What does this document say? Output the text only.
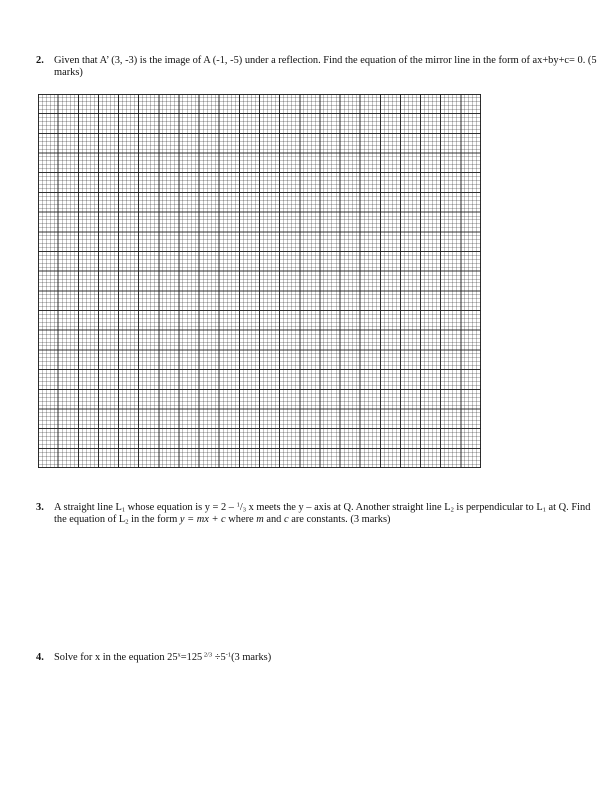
2. Given that A’ (3, -3) is the image of A (-1, -5) under a reflection. Find the equation of the mirror line in the form of ax+by+c= 0. (5 marks)
3. A straight line $L_1$ whose equation is $y = 2 - ^1/_3$ x meets the y – axis at Q. Another straight line $L_2$ is perpendicular to $L_1$ at Q. Find the equation of $L_2$ in the form y = mx + c where m and c are constants. (3 marks)
4. Solve for x in the equation $25^x=125$ $^{2/3} \div 5^{-1}(3$ marks)
